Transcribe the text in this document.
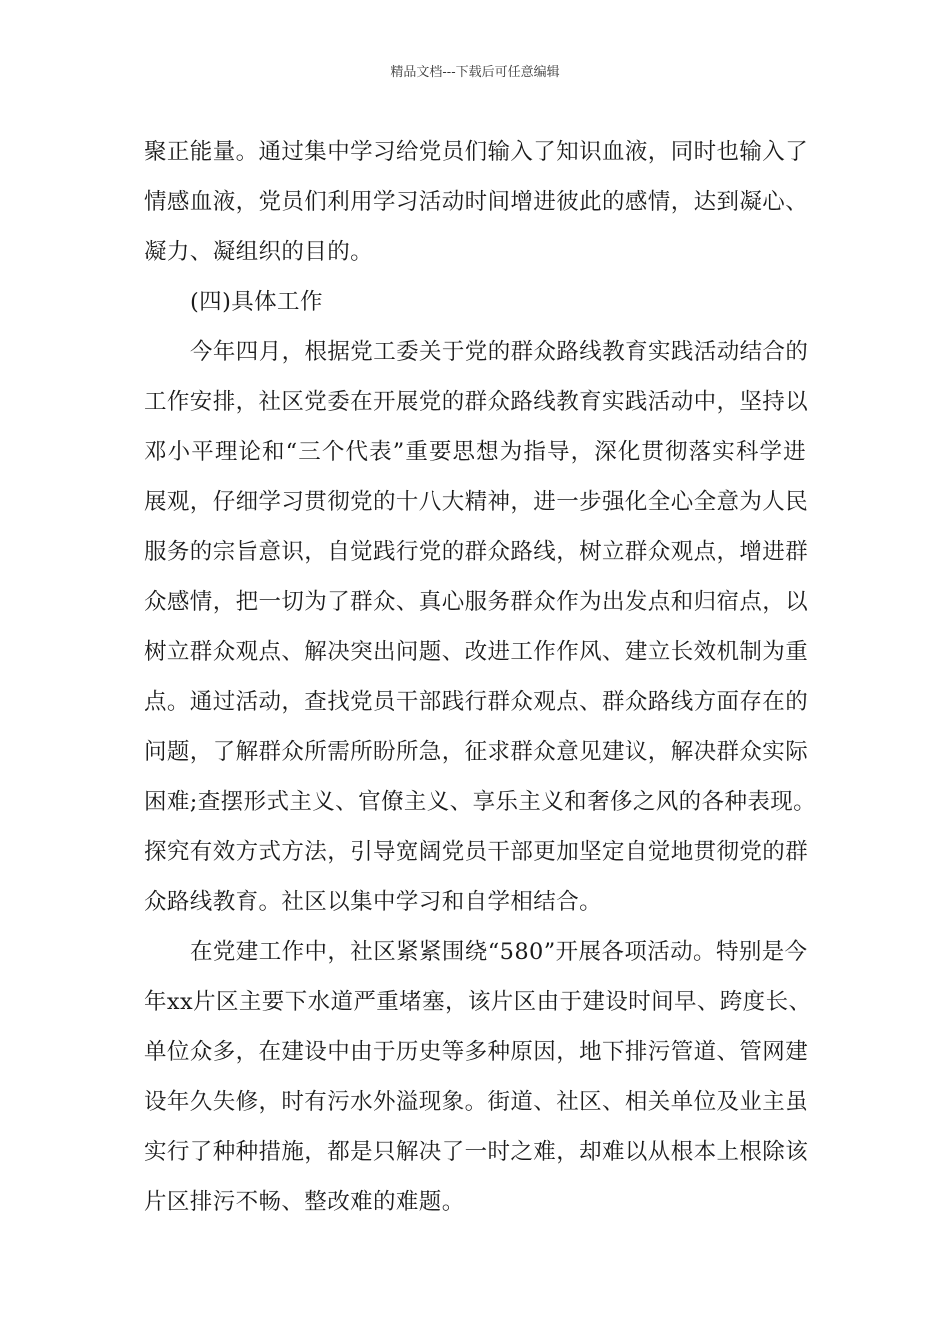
精品文档---下载后可任意编辑
聚正能量。通过集中学习给党员们输入了知识血液，同时也输入了
情感血液，党员们利用学习活动时间增进彼此的感情，达到凝心、
凝力、凝组织的目的。
(四)具体工作
今年四月，根据党工委关于党的群众路线教育实践活动结合的
工作安排，社区党委在开展党的群众路线教育实践活动中，坚持以
邓小平理论和“三个代表”重要思想为指导，深化贯彻落实科学进
展观，仔细学习贯彻党的十八大精神，进一步强化全心全意为人民
服务的宗旨意识，自觉践行党的群众路线，树立群众观点，增进群
众感情，把一切为了群众、真心服务群众作为出发点和归宿点，以
树立群众观点、解决突出问题、改进工作作风、建立长效机制为重
点。通过活动，查找党员干部践行群众观点、群众路线方面存在的
问题，了解群众所需所盼所急，征求群众意见建议，解决群众实际
困难;查摆形式主义、官僚主义、享乐主义和奢侈之风的各种表现。
探究有效方式方法，引导宽阔党员干部更加坚定自觉地贯彻党的群
众路线教育。社区以集中学习和自学相结合。
在党建工作中，社区紧紧围绕“580”开展各项活动。特别是今
年xx片区主要下水道严重堵塞，该片区由于建设时间早、跨度长、
单位众多，在建设中由于历史等多种原因，地下排污管道、管网建
设年久失修，时有污水外溢现象。街道、社区、相关单位及业主虽
实行了种种措施，都是只解决了一时之难，却难以从根本上根除该
片区排污不畅、整改难的难题。
